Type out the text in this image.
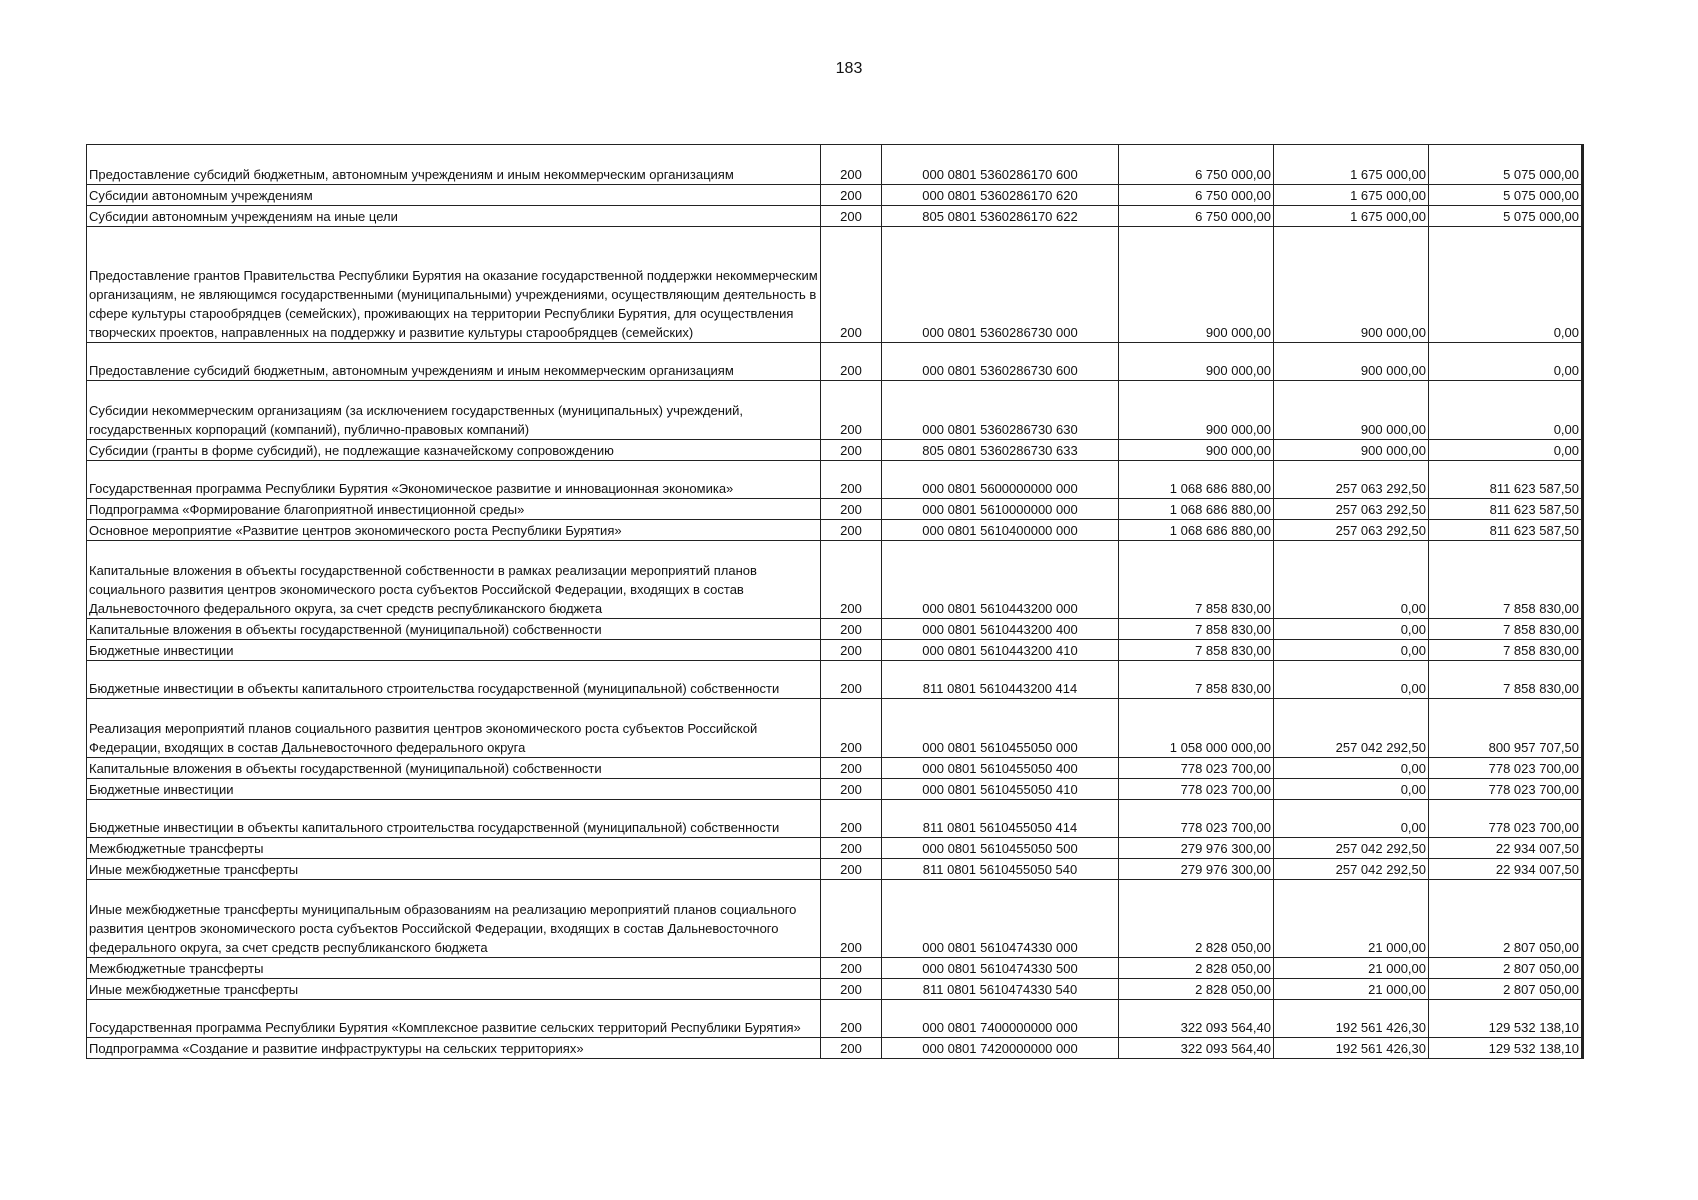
183
Предоставление субсидий бюджетным, автономным учреждениям и иным некоммерческим организациям	200	000 0801 5360286170 600	6 750 000,00	1 675 000,00	5 075 000,00
Субсидии автономным учреждениям	200	000 0801 5360286170 620	6 750 000,00	1 675 000,00	5 075 000,00
Субсидии автономным учреждениям на иные цели	200	805 0801 5360286170 622	6 750 000,00	1 675 000,00	5 075 000,00
Предоставление грантов Правительства Республики Бурятия на оказание государственной поддержки некоммерческим организациям, не являющимся государственными (муниципальными) учреждениями, осуществляющим деятельность в сфере культуры старообрядцев (семейских), проживающих на территории Республики Бурятия, для осуществления творческих проектов, направленных на поддержку и развитие культуры старообрядцев (семейских)	200	000 0801 5360286730 000	900 000,00	900 000,00	0,00
Предоставление субсидий бюджетным, автономным учреждениям и иным некоммерческим организациям	200	000 0801 5360286730 600	900 000,00	900 000,00	0,00
Субсидии некоммерческим организациям (за исключением государственных (муниципальных) учреждений, государственных корпораций (компаний), публично-правовых компаний)	200	000 0801 5360286730 630	900 000,00	900 000,00	0,00
Субсидии (гранты в форме субсидий), не подлежащие казначейскому сопровождению	200	805 0801 5360286730 633	900 000,00	900 000,00	0,00
Государственная программа Республики Бурятия «Экономическое развитие и инновационная экономика»	200	000 0801 5600000000 000	1 068 686 880,00	257 063 292,50	811 623 587,50
Подпрограмма «Формирование благоприятной инвестиционной среды»	200	000 0801 5610000000 000	1 068 686 880,00	257 063 292,50	811 623 587,50
Основное мероприятие «Развитие центров экономического роста Республики Бурятия»	200	000 0801 5610400000 000	1 068 686 880,00	257 063 292,50	811 623 587,50
Капитальные вложения в объекты государственной собственности в рамках реализации мероприятий планов социального развития центров экономического роста субъектов Российской Федерации, входящих в состав Дальневосточного федерального округа, за счет средств республиканского бюджета	200	000 0801 5610443200 000	7 858 830,00	0,00	7 858 830,00
Капитальные вложения в объекты государственной (муниципальной) собственности	200	000 0801 5610443200 400	7 858 830,00	0,00	7 858 830,00
Бюджетные инвестиции	200	000 0801 5610443200 410	7 858 830,00	0,00	7 858 830,00
Бюджетные инвестиции в объекты капитального строительства государственной (муниципальной) собственности	200	811 0801 5610443200 414	7 858 830,00	0,00	7 858 830,00
Реализация мероприятий планов социального развития центров экономического роста субъектов Российской Федерации, входящих в состав Дальневосточного федерального округа	200	000 0801 5610455050 000	1 058 000 000,00	257 042 292,50	800 957 707,50
Капитальные вложения в объекты государственной (муниципальной) собственности	200	000 0801 5610455050 400	778 023 700,00	0,00	778 023 700,00
Бюджетные инвестиции	200	000 0801 5610455050 410	778 023 700,00	0,00	778 023 700,00
Бюджетные инвестиции в объекты капитального строительства государственной (муниципальной) собственности	200	811 0801 5610455050 414	778 023 700,00	0,00	778 023 700,00
Межбюджетные трансферты	200	000 0801 5610455050 500	279 976 300,00	257 042 292,50	22 934 007,50
Иные межбюджетные трансферты	200	811 0801 5610455050 540	279 976 300,00	257 042 292,50	22 934 007,50
Иные межбюджетные трансферты муниципальным образованиям на реализацию мероприятий планов социального развития центров экономического роста субъектов Российской Федерации, входящих в состав Дальневосточного федерального округа, за счет средств республиканского бюджета	200	000 0801 5610474330 000	2 828 050,00	21 000,00	2 807 050,00
Межбюджетные трансферты	200	000 0801 5610474330 500	2 828 050,00	21 000,00	2 807 050,00
Иные межбюджетные трансферты	200	811 0801 5610474330 540	2 828 050,00	21 000,00	2 807 050,00
Государственная программа Республики Бурятия «Комплексное развитие сельских территорий Республики Бурятия»	200	000 0801 7400000000 000	322 093 564,40	192 561 426,30	129 532 138,10
Подпрограмма «Создание и развитие инфраструктуры на сельских территориях»	200	000 0801 7420000000 000	322 093 564,40	192 561 426,30	129 532 138,10
